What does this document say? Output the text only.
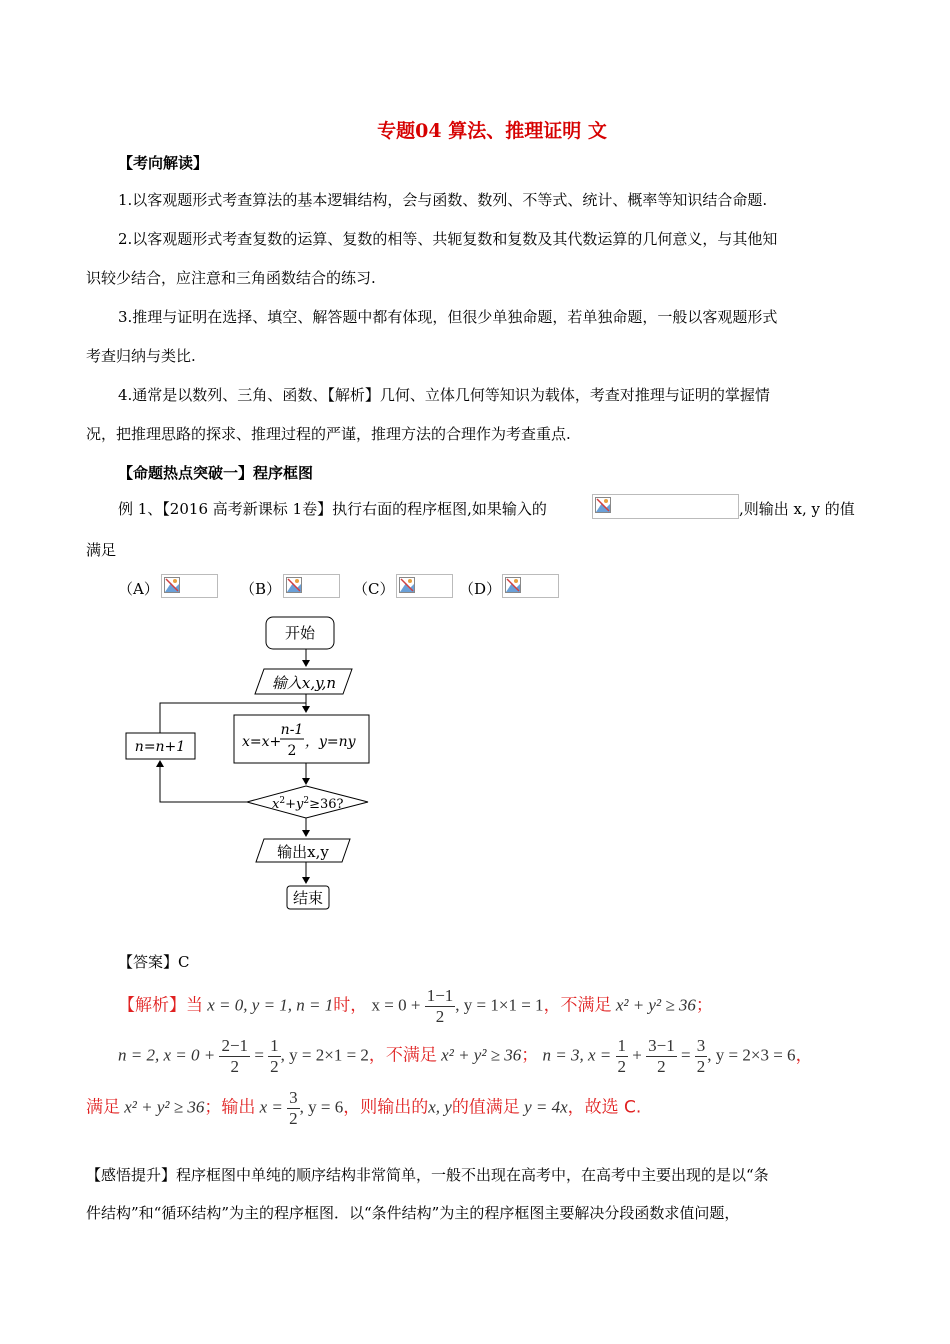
专题04 算法、推理证明 文
【考向解读】
1.以客观题形式考查算法的基本逻辑结构，会与函数、数列、不等式、统计、概率等知识结合命题.
2.以客观题形式考查复数的运算、复数的相等、共轭复数和复数及其代数运算的几何意义，与其他知
识较少结合，应注意和三角函数结合的练习.
3.推理与证明在选择、填空、解答题中都有体现，但很少单独命题，若单独命题，一般以客观题形式
考查归纳与类比.
4.通常是以数列、三角、函数、【解析】几何、立体几何等知识为载体，考查对推理与证明的掌握情
况，把推理思路的探求、推理过程的严谨，推理方法的合理作为考查重点.
【命题热点突破一】程序框图
例 1、【2016 高考新课标 1卷】执行右面的程序框图,如果输入的	,则输出 x, y 的值
满足
（A）	（B）	（C）	（D）
开始
输入x,y,n
x=x+
n-1
2
，y=ny
n=n+1
$x^2+y^2\ge 36$?
输出x,y
结束
【答案】C
【解析】当 x = 0, y = 1, n = 1时， $x = 0 + \frac{1-1}{2}$ , y = 1×1 = 1，不满足 x² + y² ≥ 36；
n = 2, $x = 0 + \frac{2-1}{2} = \frac{1}{2}$ , y = 2×1 = 2，不满足 x² + y² ≥ 36； n = 3, $x = \frac{1}{2} + \frac{3-1}{2} = \frac{3}{2}$ , y = 2×3 = 6，
满足 x² + y² ≥ 36；输出 $x = \frac{3}{2}$ , y = 6，则输出的x, y的值满足 y = 4x，故选 C.
【感悟提升】程序框图中单纯的顺序结构非常简单，一般不出现在高考中，在高考中主要出现的是以“条
件结构”和“循环结构”为主的程序框图．以“条件结构”为主的程序框图主要解决分段函数求值问题，
